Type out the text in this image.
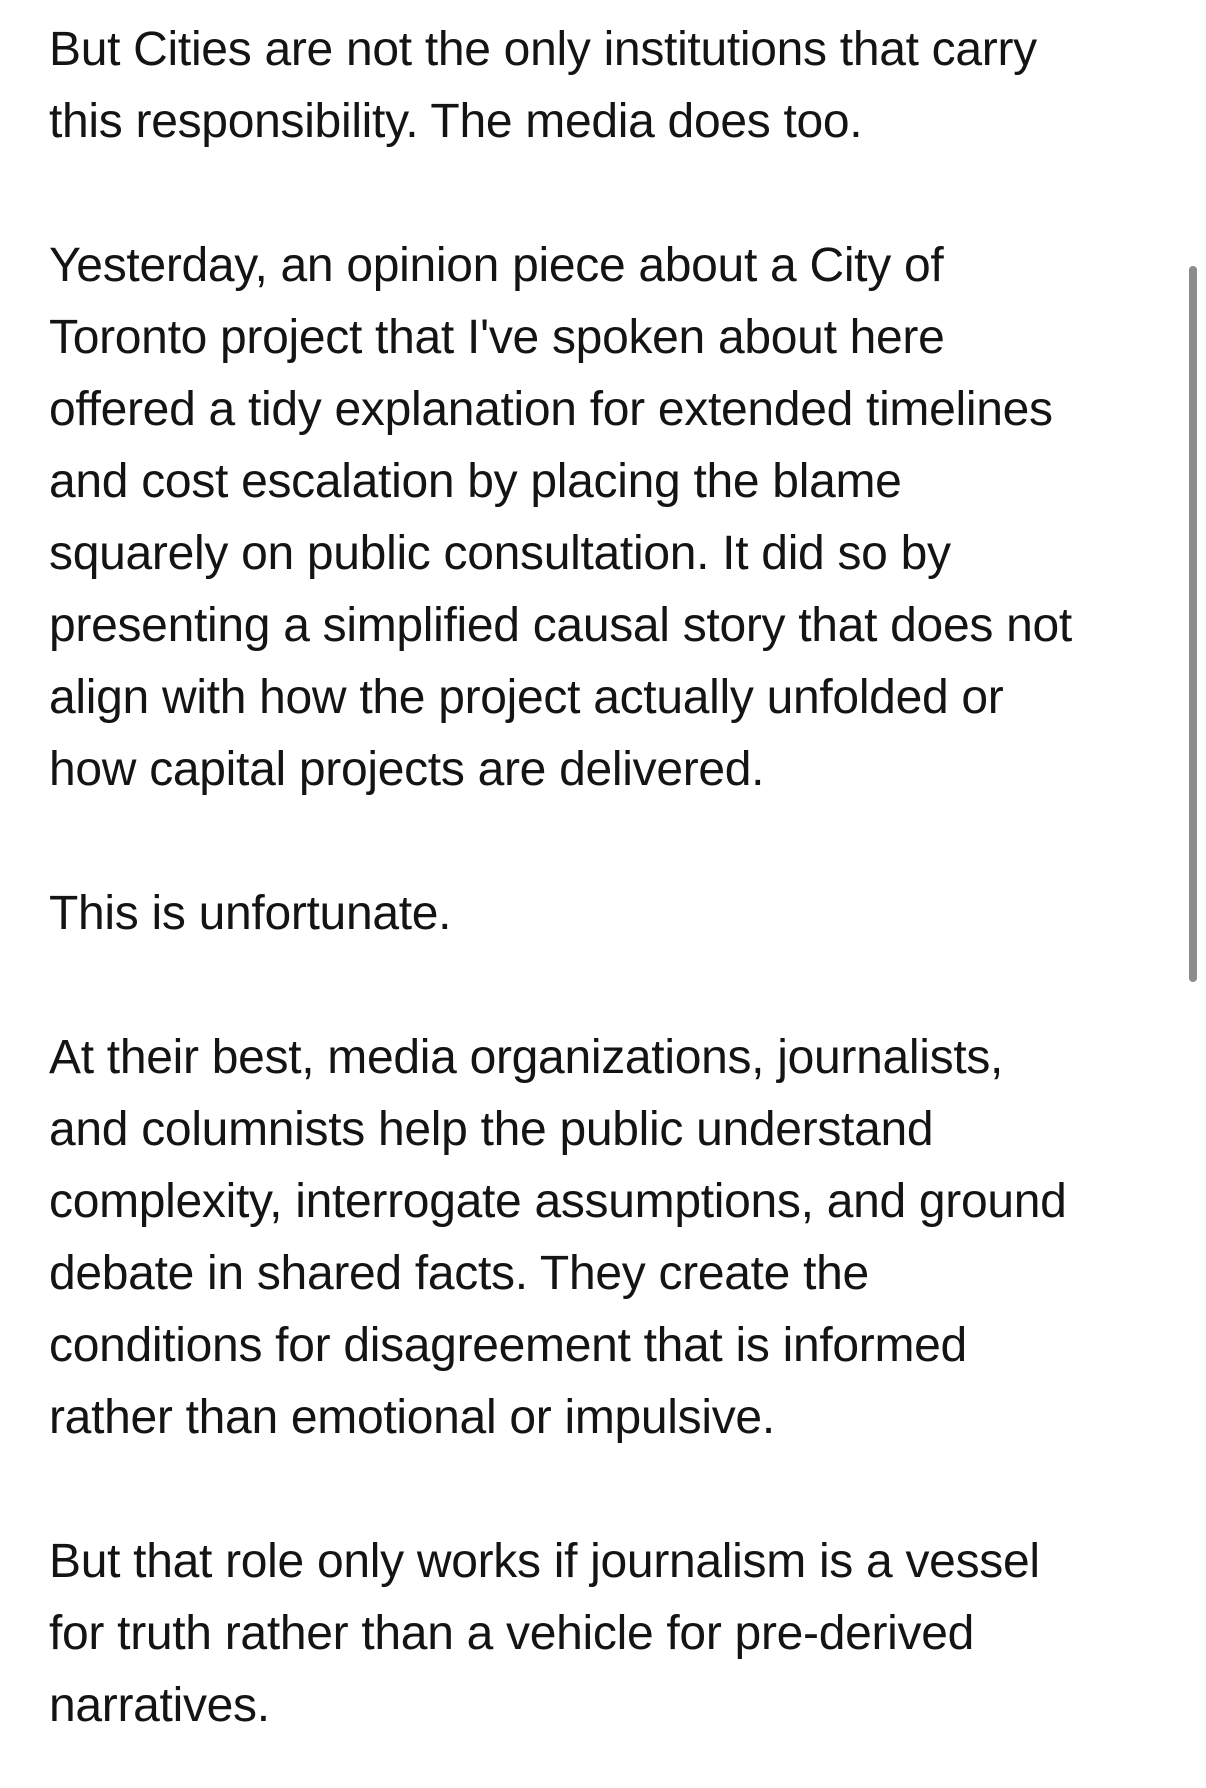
But Cities are not the only institutions that carry
this responsibility. The media does too.

Yesterday, an opinion piece about a City of
Toronto project that I've spoken about here
offered a tidy explanation for extended timelines
and cost escalation by placing the blame
squarely on public consultation. It did so by
presenting a simplified causal story that does not
align with how the project actually unfolded or
how capital projects are delivered.

This is unfortunate.

At their best, media organizations, journalists,
and columnists help the public understand
complexity, interrogate assumptions, and ground
debate in shared facts. They create the
conditions for disagreement that is informed
rather than emotional or impulsive.

But that role only works if journalism is a vessel
for truth rather than a vehicle for pre-derived
narratives.
